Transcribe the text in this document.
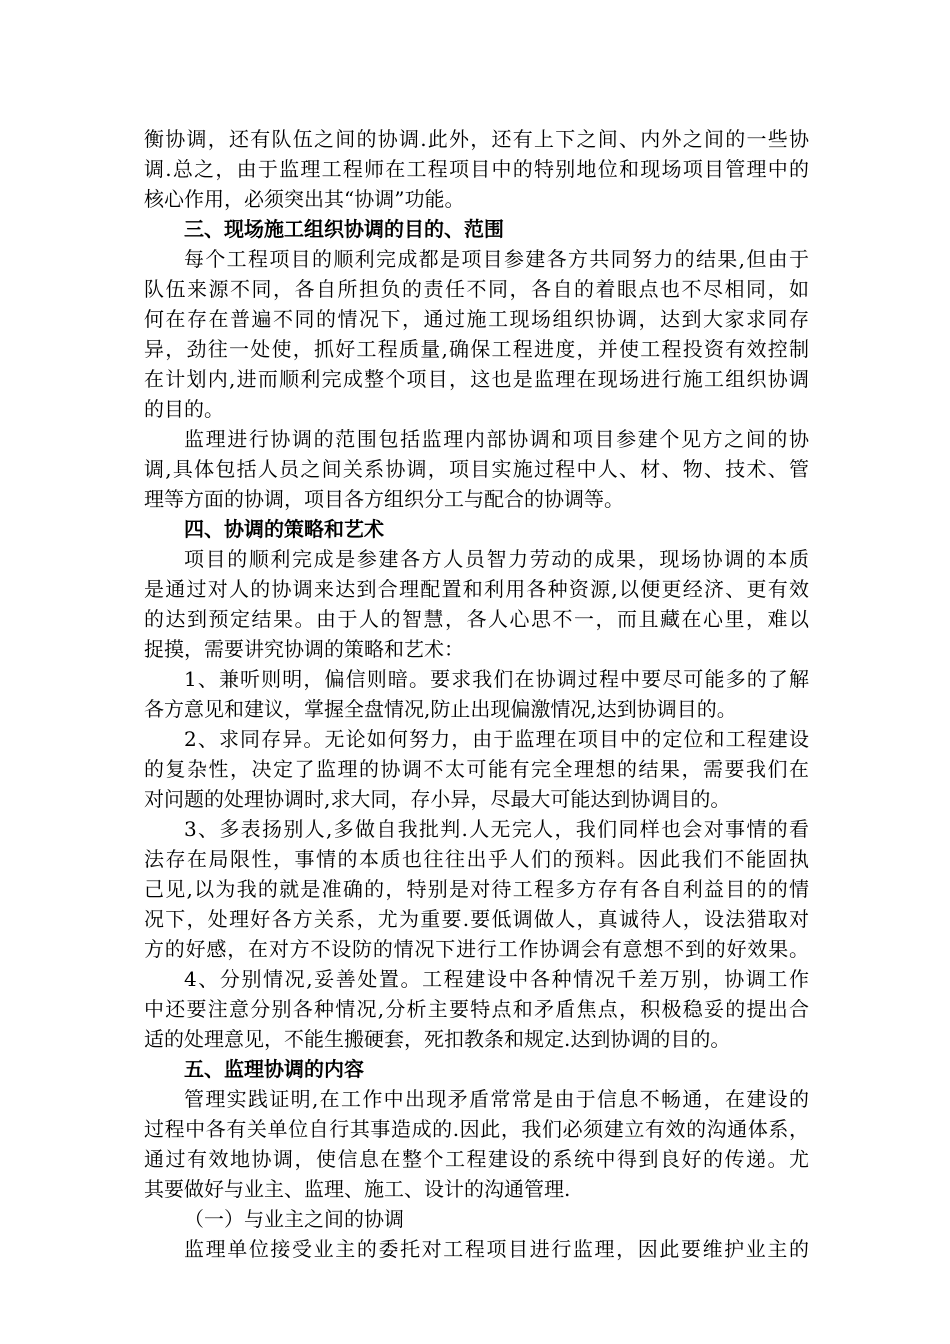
衡协调，还有队伍之间的协调.此外，还有上下之间、内外之间的一些协
调.总之，由于监理工程师在工程项目中的特别地位和现场项目管理中的
核心作用，必须突出其“协调”功能。
三、现场施工组织协调的目的、范围
每个工程项目的顺利完成都是项目参建各方共同努力的结果,但由于
队伍来源不同，各自所担负的责任不同，各自的着眼点也不尽相同，如
何在存在普遍不同的情况下，通过施工现场组织协调，达到大家求同存
异，劲往一处使，抓好工程质量,确保工程进度，并使工程投资有效控制
在计划内,进而顺利完成整个项目，这也是监理在现场进行施工组织协调
的目的。
监理进行协调的范围包括监理内部协调和项目参建个见方之间的协
调,具体包括人员之间关系协调，项目实施过程中人、材、物、技术、管
理等方面的协调，项目各方组织分工与配合的协调等。
四、协调的策略和艺术
项目的顺利完成是参建各方人员智力劳动的成果，现场协调的本质
是通过对人的协调来达到合理配置和利用各种资源,以便更经济、更有效
的达到预定结果。由于人的智慧，各人心思不一，而且藏在心里，难以
捉摸，需要讲究协调的策略和艺术：
1、兼听则明，偏信则暗。要求我们在协调过程中要尽可能多的了解
各方意见和建议，掌握全盘情况,防止出现偏激情况,达到协调目的。
2、求同存异。无论如何努力，由于监理在项目中的定位和工程建设
的复杂性，决定了监理的协调不太可能有完全理想的结果，需要我们在
对问题的处理协调时,求大同，存小异，尽最大可能达到协调目的。
3、多表扬别人,多做自我批判.人无完人，我们同样也会对事情的看
法存在局限性，事情的本质也往往出乎人们的预料。因此我们不能固执
己见,以为我的就是准确的，特别是对待工程多方存有各自利益目的的情
况下，处理好各方关系，尤为重要.要低调做人，真诚待人，设法猎取对
方的好感，在对方不设防的情况下进行工作协调会有意想不到的好效果。
4、分别情况,妥善处置。工程建设中各种情况千差万别，协调工作
中还要注意分别各种情况,分析主要特点和矛盾焦点，积极稳妥的提出合
适的处理意见，不能生搬硬套，死扣教条和规定.达到协调的目的。
五、监理协调的内容
管理实践证明,在工作中出现矛盾常常是由于信息不畅通，在建设的
过程中各有关单位自行其事造成的.因此，我们必须建立有效的沟通体系，
通过有效地协调，使信息在整个工程建设的系统中得到良好的传递。尤
其要做好与业主、监理、施工、设计的沟通管理.
（一）与业主之间的协调
监理单位接受业主的委托对工程项目进行监理，因此要维护业主的
